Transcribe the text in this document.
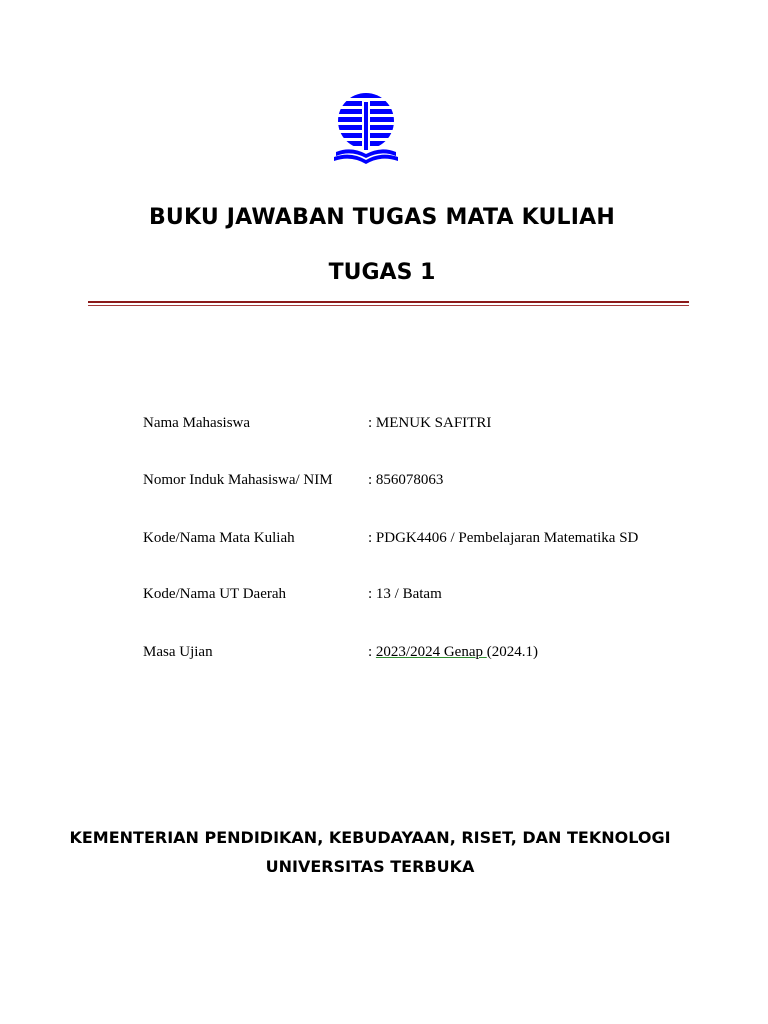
BUKU JAWABAN TUGAS MATA KULIAH
TUGAS 1
Nama Mahasiswa	: MENUK SAFITRI
Nomor Induk Mahasiswa/ NIM : 856078063
Kode/Nama Mata Kuliah	: PDGK4406 / Pembelajaran Matematika SD
Kode/Nama UT Daerah	: 13 / Batam
Masa Ujian	: 2023/2024 Genap (2024.1)

KEMENTERIAN PENDIDIKAN, KEBUDAYAAN, RISET, DAN TEKNOLOGI

UNIVERSITAS TERBUKA
